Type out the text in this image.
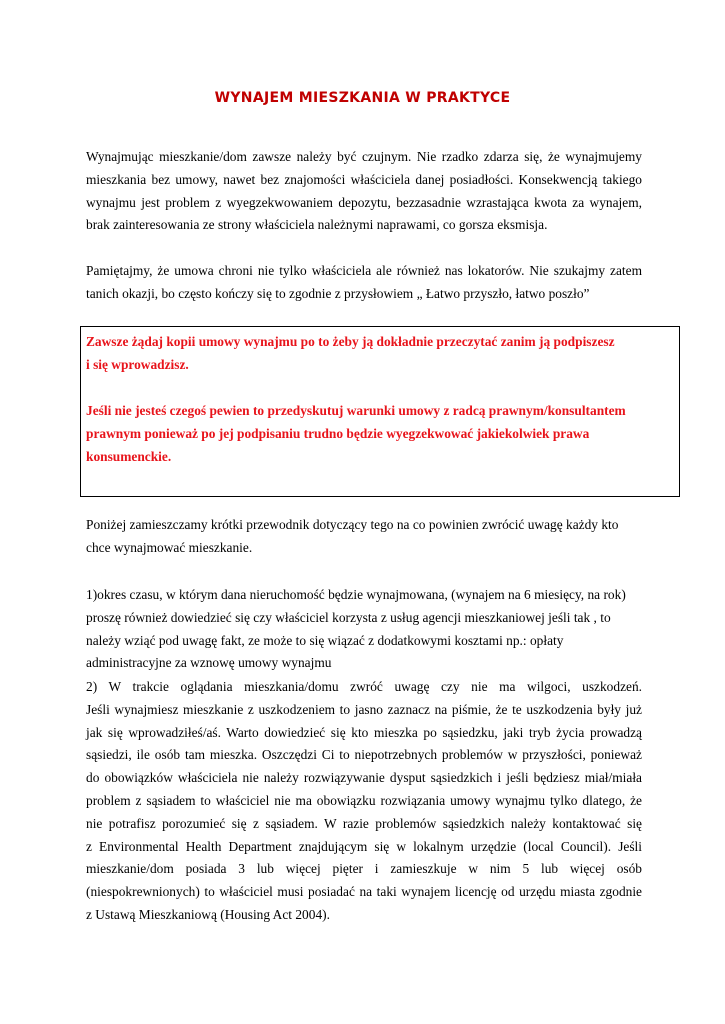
WYNAJEM MIESZKANIA W PRAKTYCE

Wynajmując mieszkanie/dom zawsze należy być czujnym. Nie rzadko zdarza się, że wynajmujemy
mieszkania bez umowy, nawet bez znajomości właściciela danej posiadłości. Konsekwencją takiego
wynajmu jest problem z wyegzekwowaniem depozytu, bezzasadnie wzrastająca kwota za wynajem,
brak zainteresowania ze strony właściciela należnymi naprawami, co gorsza eksmisja.

Pamiętajmy, że umowa chroni nie tylko właściciela ale również nas lokatorów. Nie szukajmy zatem
tanich okazji, bo często kończy się to zgodnie z przysłowiem „ Łatwo przyszło, łatwo poszło”

Zawsze żądaj kopii umowy wynajmu po to żeby ją dokładnie przeczytać zanim ją podpiszesz
i się wprowadzisz.

Jeśli nie jesteś czegoś pewien to przedyskutuj warunki umowy z radcą prawnym/konsultantem
prawnym ponieważ po jej podpisaniu trudno będzie wyegzekwować jakiekolwiek prawa
konsumenckie.

Poniżej zamieszczamy krótki przewodnik dotyczący tego na co powinien zwrócić uwagę każdy kto
chce wynajmować mieszkanie.

1)okres czasu, w którym dana nieruchomość będzie wynajmowana, (wynajem na 6 miesięcy, na rok)
proszę również dowiedzieć się czy właściciel korzysta z usług agencji mieszkaniowej jeśli tak , to
należy wziąć pod uwagę fakt, ze może to się wiązać z dodatkowymi kosztami np.: opłaty
administracyjne za wznowę umowy wynajmu

2) W trakcie oglądania mieszkania/domu zwróć uwagę czy nie ma wilgoci, uszkodzeń.
Jeśli wynajmiesz mieszkanie z uszkodzeniem to jasno zaznacz na piśmie, że te uszkodzenia były już
jak się wprowadziłeś/aś. Warto dowiedzieć się kto mieszka po sąsiedzku, jaki tryb życia prowadzą
sąsiedzi, ile osób tam mieszka. Oszczędzi Ci to niepotrzebnych problemów w przyszłości, ponieważ
do obowiązków właściciela nie należy rozwiązywanie dysput sąsiedzkich i jeśli będziesz miał/miała
problem z sąsiadem to właściciel nie ma obowiązku rozwiązania umowy wynajmu tylko dlatego, że
nie potrafisz porozumieć się z sąsiadem. W razie problemów sąsiedzkich należy kontaktować się
z Environmental Health Department znajdującym się w lokalnym urzędzie (local Council). Jeśli
mieszkanie/dom posiada 3 lub więcej pięter i zamieszkuje w nim 5 lub więcej osób
(niespokrewnionych) to właściciel musi posiadać na taki wynajem licencję od urzędu miasta zgodnie
z Ustawą Mieszkaniową (Housing Act 2004).
